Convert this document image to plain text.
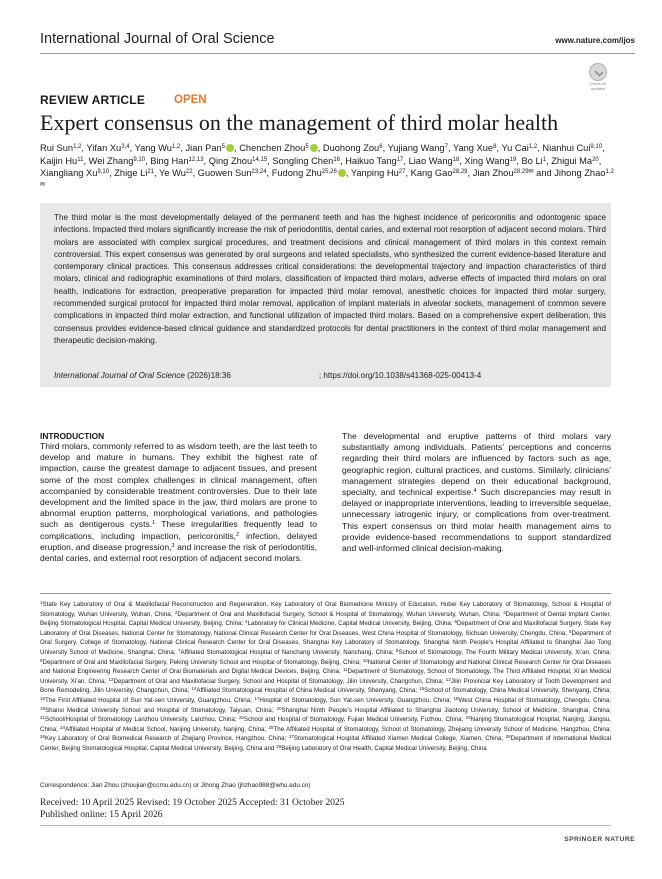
International Journal of Oral Science	www.nature.com/ijos
Check for
updates
REVIEW ARTICLE	OPEN
Expert consensus on the management of third molar health
Rui Sun$^{1,2}$, Yifan Xu$^{3,4}$, Yang Wu$^{1,2}$, Jian Pan$^5$ , Chenchen Zhou$^5$ , Duohong Zou$^6$, Yujiang Wang$^7$, Yang Xue$^8$, Yu Cai$^{1,2}$, Nianhui Cui$^{9,10}$, Kaijin Hu$^{11}$, Wei Zhang$^{9,10}$, Bing Han$^{12,13}$, Qing Zhou$^{14,15}$, Songling Chen$^{16}$, Haikuo Tang$^{17}$, Liao Wang$^{18}$, Xing Wang$^{19}$, Bo Li$^1$, Zhigui Ma$^{20}$, Xiangliang Xu$^{9,10}$, Zhige Li$^{21}$, Ye Wu$^{22}$, Guowen Sun$^{23,24}$, Fudong Zhu$^{25,26}$ , Yanping Hu$^{27}$, Kang Gao$^{28,29}$, Jian Zhou$^{28,29✉}$ and Jihong Zhao$^{1,2✉}$
The third molar is the most developmentally delayed of the permanent teeth and has the highest incidence of pericoronitis and odontogenic space infections. Impacted third molars significantly increase the risk of periodontitis, dental caries, and external root resorption of adjacent second molars. Third molars are associated with complex surgical procedures, and treatment decisions and clinical management of third molars in this context remain controversial. This expert consensus was generated by oral surgeons and related specialists, who synthesized the current evidence-based literature and contemporary clinical practices. This consensus addresses critical considerations: the developmental trajectory and impaction characteristics of third molars, clinical and radiographic examinations of third molars, classification of impacted third molars, adverse effects of impacted third molars on oral health, indications for extraction, preoperative preparation for impacted third molar removal, anesthetic choices for impacted third molar surgery, recommended surgical protocol for impacted third molar removal, application of implant materials in alveolar sockets, management of common severe complications in impacted third molar extraction, and functional utilization of impacted third molars. Based on a comprehensive expert deliberation, this consensus provides evidence-based clinical guidance and standardized protocols for dental practitioners in the context of third molar management and therapeutic decision-making.
International Journal of Oral Science (2026)18:36	; https://doi.org/10.1038/s41368-025-00413-4
INTRODUCTION
Third molars, commonly referred to as wisdom teeth, are the last teeth to develop and mature in humans. They exhibit the highest rate of impaction, cause the greatest damage to adjacent tissues, and present some of the most complex challenges in clinical management, often accompanied by considerable treatment controversies. Due to their late development and the limited space in the jaw, third molars are prone to abnormal eruption patterns, morphological variations, and pathologies such as dentigerous cysts.$^1$ These irregularities frequently lead to complications, including impaction, pericoronitis,$^2$ infection, delayed eruption, and disease progression,$^3$ and increase the risk of periodontitis, dental caries, and external root resorption of adjacent second molars.
The developmental and eruptive patterns of third molars vary substantially among individuals. Patients’ perceptions and concerns regarding their third molars are influenced by factors such as age, geographic region, cultural practices, and customs. Similarly, clinicians’ management strategies depend on their educational background, specialty, and technical expertise.$^4$ Such discrepancies may result in delayed or inappropriate interventions, leading to irreversible sequelae, unnecessary iatrogenic injury, or complications from over-treatment. This expert consensus on third molar health management aims to provide evidence-based recommendations to support standardized and well-informed clinical decision-making.
$^1$State Key Laboratory of Oral & Maxillofacial Reconstruction and Regeneration, Key Laboratory of Oral Biomedicine Ministry of Education, Hubei Key Laboratory of Stomatology, School & Hospital of Stomatology, Wuhan University, Wuhan, China; $^2$Department of Oral and Maxillofacial Surgery, School & Hospital of Stomatology, Wuhan University, Wuhan, China; $^3$Department of Dental Implant Center, Beijing Stomatological Hospital, Capital Medical University, Beijing, China; $^4$Laboratory for Clinical Medicine, Capital Medical University, Beijing, China; $^5$Department of Oral and Maxillofacial Surgery, State Key Laboratory of Oral Diseases, National Center for Stomatology, National Clinical Research Center for Oral Diseases, West China Hospital of Stomatology, Sichuan University, Chengdu, China; $^6$Department of Oral Surgery, College of Stomatology, National Clinical Research Center for Oral Diseases, Shanghai Key Laboratory of Stomatology, Shanghai Ninth People’s Hospital Affiliated to Shanghai Jiao Tong University School of Medicine, Shanghai, China; $^7$Affiliated Stomatological Hospital of Nanchang University, Nanchang, China; $^8$School of Stomatology, The Fourth Military Medical University, Xi’an, China; $^9$Department of Oral and Maxillofacial Surgery, Peking University School and Hospital of Stomatology, Beijing, China; $^{10}$National Center of Stomatology and National Clinical Research Center for Oral Diseases and National Engineering Research Center of Oral Biomaterials and Digital Medical Devices, Beijing, China; $^{11}$Department of Stomatology, School of Stomatology, The Third Affiliated Hospital, Xi’an Medical University, Xi’an, China; $^{12}$Department of Oral and Maxillofacial Surgery, School and Hospital of Stomatology, Jilin University, Changchun, China; $^{13}$Jilin Provincial Key Laboratory of Tooth Development and Bone Remodeling, Jilin University, Changchun, China; $^{14}$Affiliated Stomatological Hospital of China Medical University, Shenyang, China; $^{15}$School of Stomatology, China Medical University, Shenyang, China; $^{16}$The First Affiliated Hospital of Sun Yat-sen University, Guangzhou, China; $^{17}$Hospital of Stomatology, Sun Yat-sen University, Guangzhou, China; $^{18}$West China Hospital of Stomatology, Chengdu, China; $^{19}$Shanxi Medical University School and Hospital of Stomatology, Taiyuan, China; $^{20}$Shanghai Ninth People’s Hospital Affiliated to Shanghai Jiaotong University, School of Medicine, Shanghai, China; $^{21}$School/Hospital of Stomatology Lanzhou University, Lanzhou, China; $^{22}$School and Hospital of Stomatology, Fujian Medical University, Fuzhou, China; $^{23}$Nanjing Stomatological Hospital, Nanjing, Jiangsu, China; $^{24}$Affiliated Hospital of Medical School, Nanjing University, Nanjing, China; $^{25}$The Affiliated Hospital of Stomatology, School of Stomatology, Zhejiang University School of Medicine, Hangzhou, China; $^{26}$Key Laboratory of Oral Biomedical Research of Zhejiang Province, Hangzhou, China; $^{27}$Stomatological Hospital Affiliated Xiamen Medical College, Xiamen, China; $^{28}$Department of International Medical Center, Beijing Stomatological Hospital, Capital Medical University, Beijing, China and $^{29}$Beijing Laboratory of Oral Health, Capital Medical University, Beijing, China
Correspondence: Jian Zhou (zhoujian@ccmu.edu.cn) or Jihong Zhao (jhzhao988@whu.edu.cn)
Received: 10 April 2025 Revised: 19 October 2025 Accepted: 31 October 2025
Published online: 15 April 2026
SPRINGER NATURE
